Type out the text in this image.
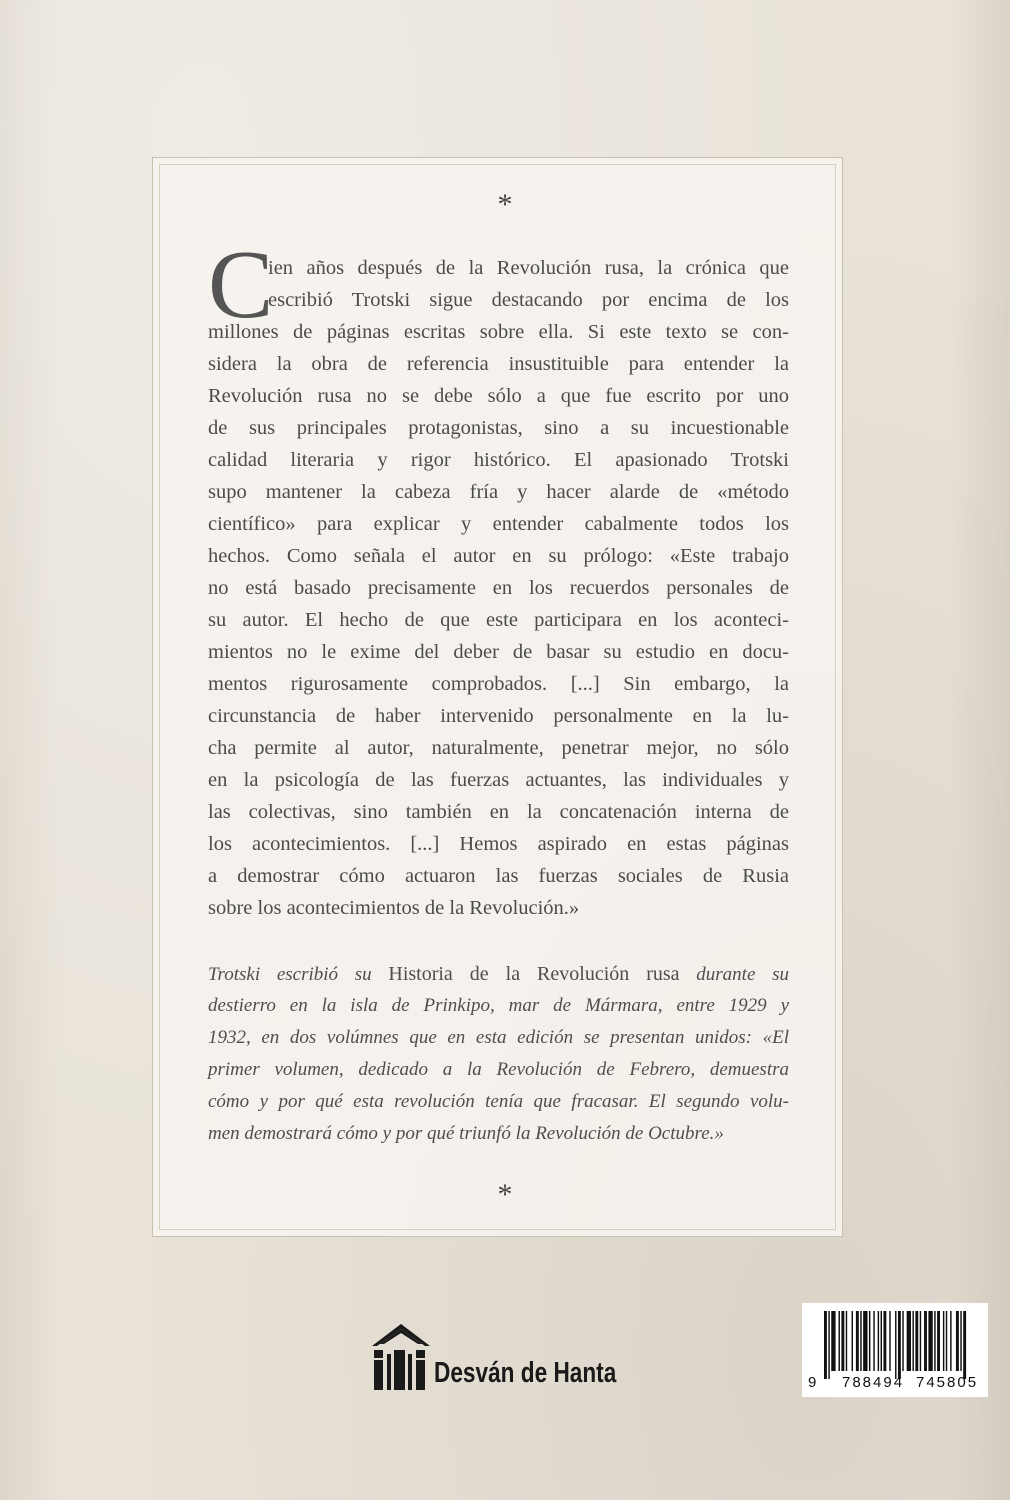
*
C
ien años después de la Revolución rusa, la crónica que
escribió Trotski sigue destacando por encima de los
millones de páginas escritas sobre ella. Si este texto se con-
sidera la obra de referencia insustituible para entender la
Revolución rusa no se debe sólo a que fue escrito por uno
de sus principales protagonistas, sino a su incuestionable
calidad literaria y rigor histórico. El apasionado Trotski
supo mantener la cabeza fría y hacer alarde de «método
científico» para explicar y entender cabalmente todos los
hechos. Como señala el autor en su prólogo: «Este trabajo
no está basado precisamente en los recuerdos personales de
su autor. El hecho de que este participara en los aconteci-
mientos no le exime del deber de basar su estudio en docu-
mentos rigurosamente comprobados. [...] Sin embargo, la
circunstancia de haber intervenido personalmente en la lu-
cha permite al autor, naturalmente, penetrar mejor, no sólo
en la psicología de las fuerzas actuantes, las individuales y
las colectivas, sino también en la concatenación interna de
los acontecimientos. [...] Hemos aspirado en estas páginas
a demostrar cómo actuaron las fuerzas sociales de Rusia
sobre los acontecimientos de la Revolución.»
Trotski escribió su Historia de la Revolución rusa durante su
destierro en la isla de Prinkipo, mar de Mármara, entre 1929 y
1932, en dos volúmnes que en esta edición se presentan unidos: «El
primer volumen, dedicado a la Revolución de Febrero, demuestra
cómo y por qué esta revolución tenía que fracasar. El segundo volu-
men demostrará cómo y por qué triunfó la Revolución de Octubre.»
*
Desván de Hanta	9 788494 745805
